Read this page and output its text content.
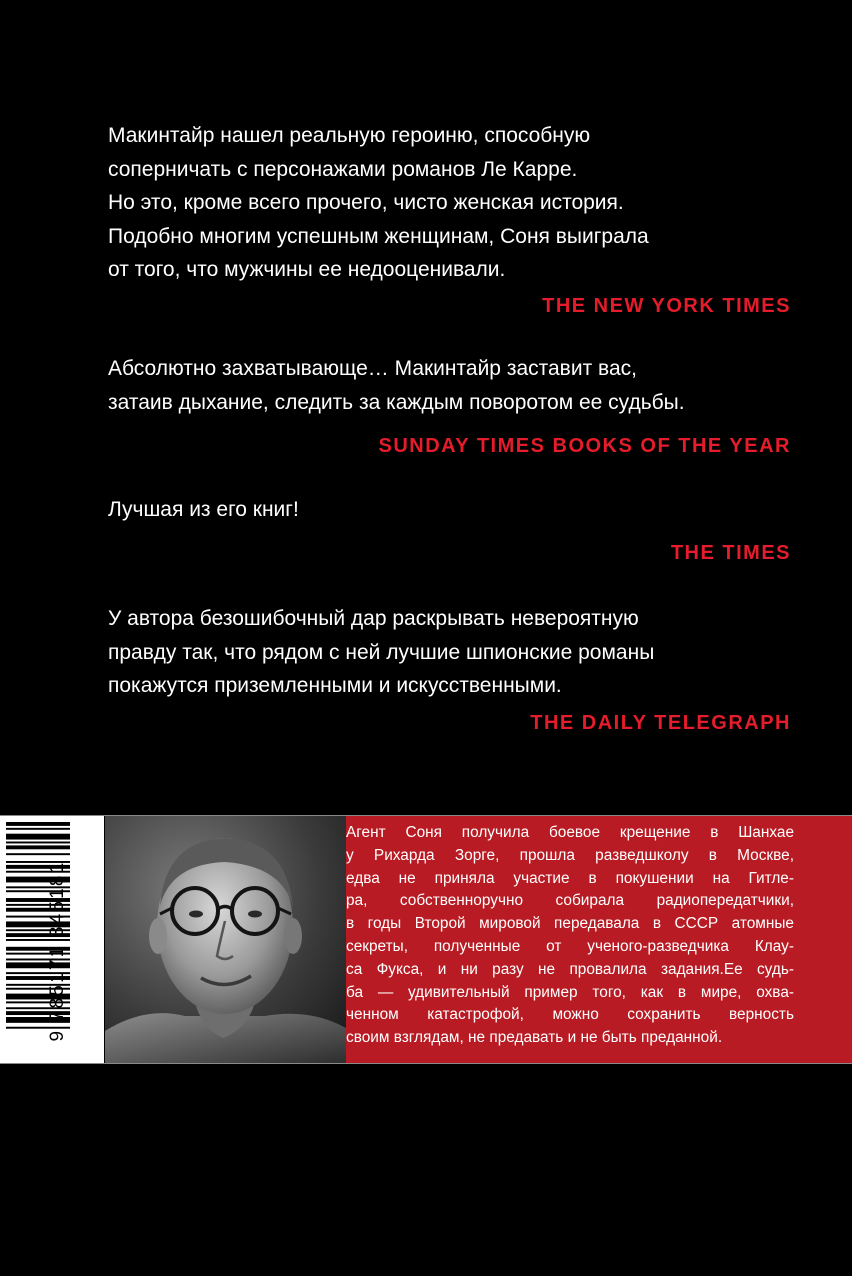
Макинтайр нашел реальную героиню, способную
соперничать с персонажами романов Ле Карре.
Но это, кроме всего прочего, чисто женская история.
Подобно многим успешным женщинам, Соня выиграла
от того, что мужчины ее недооценивали.
THE NEW YORK TIMES
Абсолютно захватывающе… Макинтайр заставит вас,
затаив дыхание, следить за каждым поворотом ее судьбы.
SUNDAY TIMES BOOKS OF THE YEAR
Лучшая из его книг!
THE TIMES
У автора безошибочный дар раскрывать невероятную
правду так, что рядом с ней лучшие шпионские романы
покажутся приземленными и искусственными.
THE DAILY TELEGRAPH
9 785171 345181
Агент Соня получила боевое крещение в Шанхае
у Рихарда Зорге, прошла разведшколу в Москве,
едва не приняла участие в покушении на Гитле-
ра, собственноручно собирала радиопередатчики,
в годы Второй мировой передавала в СССР атомные
секреты, полученные от ученого-разведчика Клау-
са Фукса, и ни разу не провалила задания.Ее судь-
ба — удивительный пример того, как в мире, охва-
ченном катастрофой, можно сохранить верность
своим взглядам, не предавать и не быть преданной.
